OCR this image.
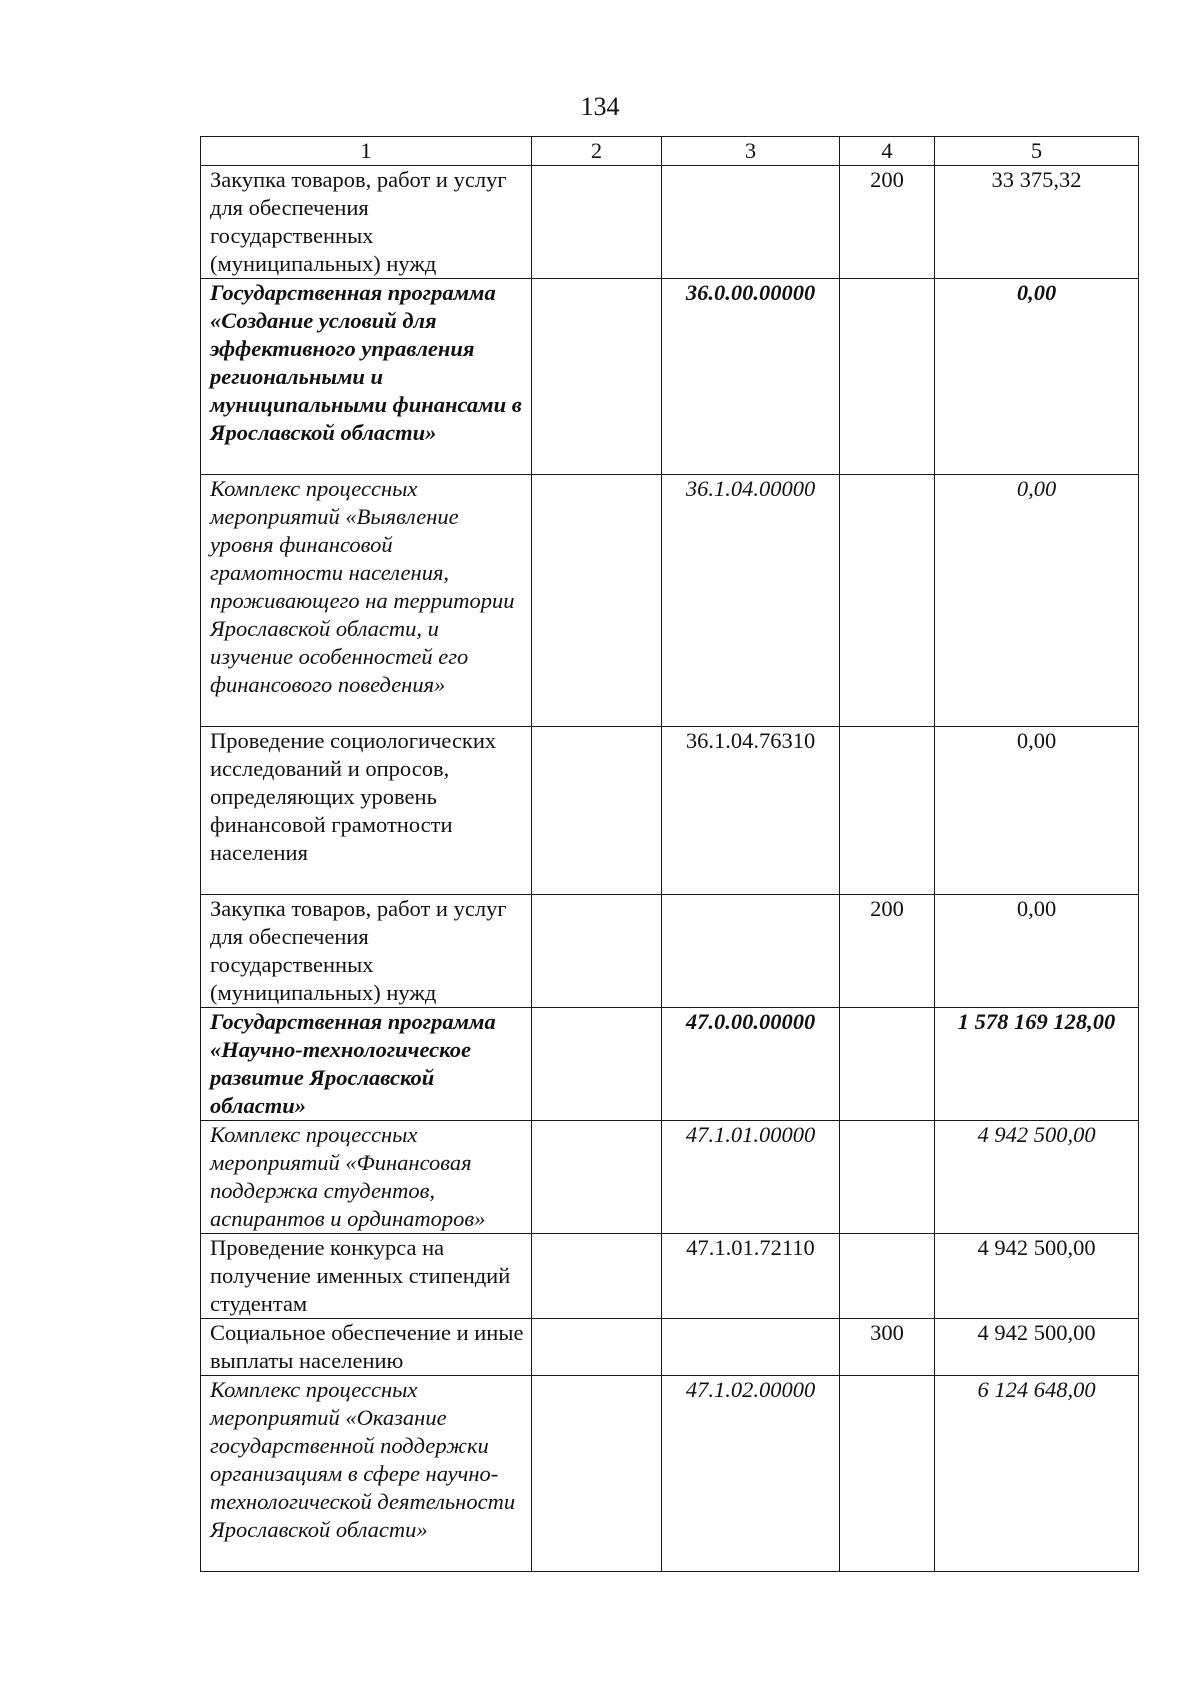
134
1	2	3	4	5
Закупка товаров, работ и услуг для обеспечения государственных (муниципальных) нужд			200	33 375,32
Государственная программа «Создание условий для эффективного управления региональными и муниципальными финансами в Ярославской области»		36.0.00.00000		0,00
Комплекс процессных мероприятий «Выявление уровня финансовой грамотности населения, проживающего на территории Ярославской области, и изучение особенностей его финансового поведения»		36.1.04.00000		0,00
Проведение социологических исследований и опросов, определяющих уровень финансовой грамотности населения		36.1.04.76310		0,00
Закупка товаров, работ и услуг для обеспечения государственных (муниципальных) нужд			200	0,00
Государственная программа «Научно-технологическое развитие Ярославской области»		47.0.00.00000		1 578 169 128,00
Комплекс процессных мероприятий «Финансовая поддержка студентов, аспирантов и ординаторов»		47.1.01.00000		4 942 500,00
Проведение конкурса на получение именных стипендий студентам		47.1.01.72110		4 942 500,00
Социальное обеспечение и иные выплаты населению			300	4 942 500,00
Комплекс процессных мероприятий «Оказание государственной поддержки организациям в сфере научно-технологической деятельности Ярославской области»		47.1.02.00000		6 124 648,00
